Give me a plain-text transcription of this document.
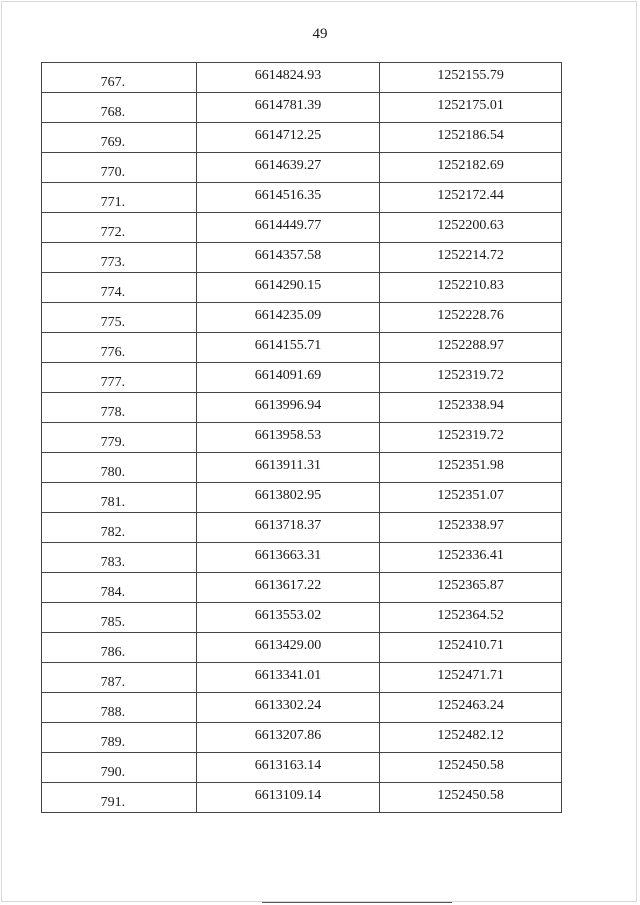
49
767.	6614824.93	1252155.79
768.	6614781.39	1252175.01
769.	6614712.25	1252186.54
770.	6614639.27	1252182.69
771.	6614516.35	1252172.44
772.	6614449.77	1252200.63
773.	6614357.58	1252214.72
774.	6614290.15	1252210.83
775.	6614235.09	1252228.76
776.	6614155.71	1252288.97
777.	6614091.69	1252319.72
778.	6613996.94	1252338.94
779.	6613958.53	1252319.72
780.	6613911.31	1252351.98
781.	6613802.95	1252351.07
782.	6613718.37	1252338.97
783.	6613663.31	1252336.41
784.	6613617.22	1252365.87
785.	6613553.02	1252364.52
786.	6613429.00	1252410.71
787.	6613341.01	1252471.71
788.	6613302.24	1252463.24
789.	6613207.86	1252482.12
790.	6613163.14	1252450.58
791.	6613109.14	1252450.58
